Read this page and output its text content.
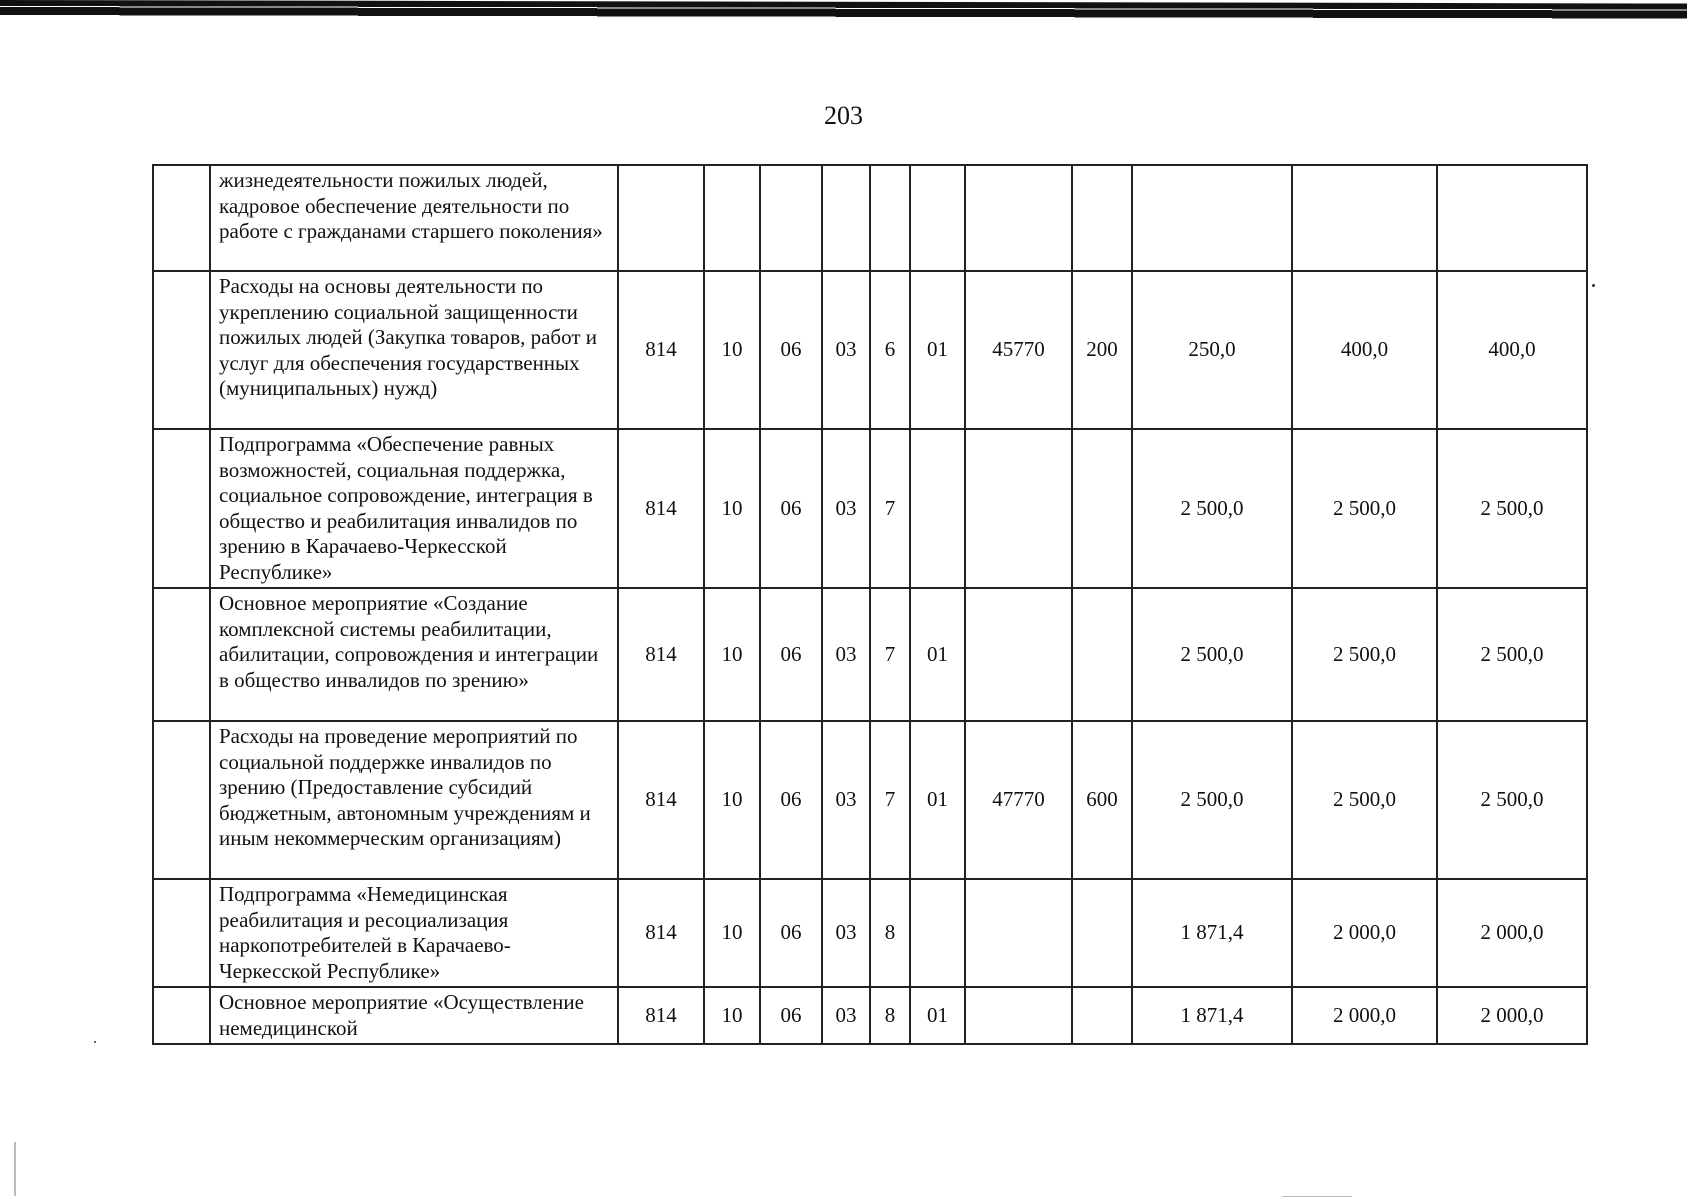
203
	жизнедеятельности пожилых людей, кадровое обеспечение деятельности по работе с гражданами старшего поколения»											
	Расходы на основы деятельности по укреплению социальной защищенности пожилых людей (Закупка товаров, работ и услуг для обеспечения государственных (муниципальных) нужд)	814	10	06	03	6	01	45770	200	250,0	400,0	400,0
	Подпрограмма «Обеспечение равных возможностей, социальная поддержка, социальное сопровождение, интеграция в общество и реабилитация инвалидов по зрению в Карачаево-Черкесской Республике»	814	10	06	03	7				2 500,0	2 500,0	2 500,0
	Основное мероприятие «Создание комплексной системы реабилитации, абилитации, сопровождения и интеграции в общество инвалидов по зрению»	814	10	06	03	7	01			2 500,0	2 500,0	2 500,0
	Расходы на проведение мероприятий по социальной поддержке инвалидов по зрению (Предоставление субсидий бюджетным, автономным учреждениям и иным некоммерческим организациям)	814	10	06	03	7	01	47770	600	2 500,0	2 500,0	2 500,0
	Подпрограмма «Немедицинская реабилитация и ресоциализация наркопотребителей в Карачаево-Черкесской Республике»	814	10	06	03	8				1 871,4	2 000,0	2 000,0
	Основное мероприятие «Осуществление немедицинской	814	10	06	03	8	01			1 871,4	2 000,0	2 000,0
